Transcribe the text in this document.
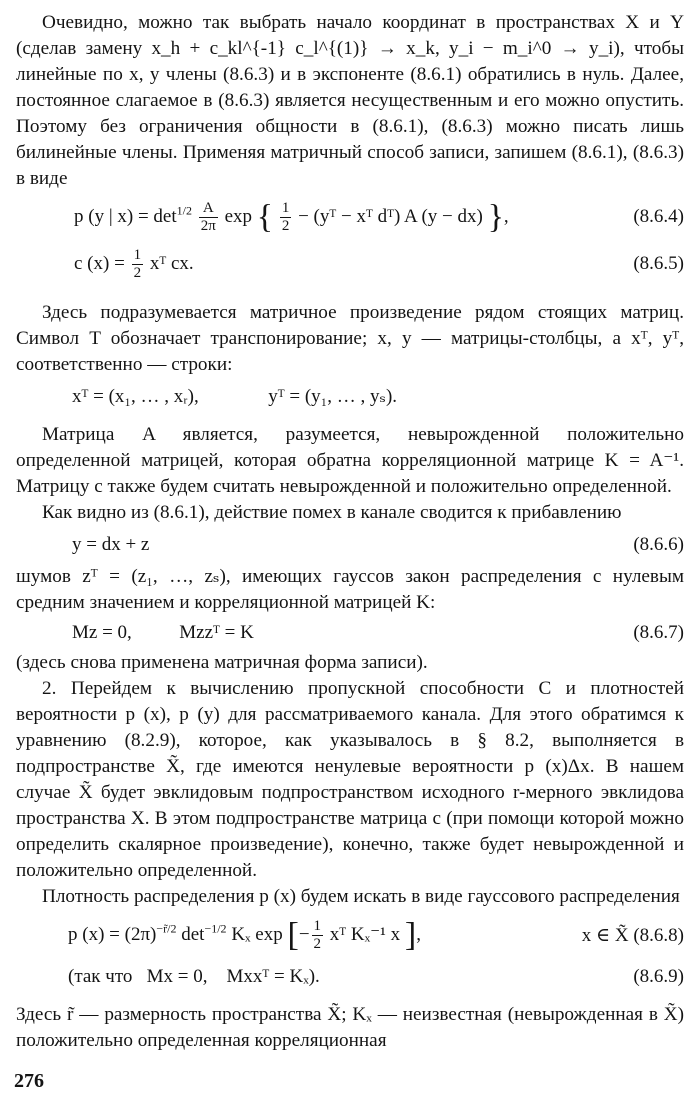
Очевидно, можно так выбрать начало координат в пространствах X и Y (сделав замену x_h + c_kl^{-1} c_l^{(1)} → x_k, y_i − m_i^0 → y_i), чтобы линейные по x, y члены (8.6.3) и в экспоненте (8.6.1) обратились в нуль. Далее, постоянное слагаемое в (8.6.3) является несущественным и его можно опустить. Поэтому без ограничения общности в (8.6.1), (8.6.3) можно писать лишь билинейные члены. Применяя матричный способ записи, запишем (8.6.1), (8.6.3) в виде

p (y | $x) = \det^{1/2} \frac{A}{2\pi}$ exp { $\frac{1}{2}$ − (yᵀ − xᵀ dᵀ) A (y − dx) },	(8.6.4)
c $(x) = \frac{1}{2}$ xᵀ cx.	(8.6.5)

Здесь подразумевается матричное произведение рядом стоящих матриц. Символ T обозначает транспонирование; x, y — матрицы-столбцы, а xᵀ, yᵀ, соответственно — строки:

xᵀ = (x₁, … , xᵣ),	yᵀ = (y₁, … , yₛ).

Матрица A является, разумеется, невырожденной положительно определенной матрицей, которая обратна корреляционной матрице K = A⁻¹. Матрицу c также будем считать невырожденной и положительно определенной.

Как видно из (8.6.1), действие помех в канале сводится к прибавлению

y = dx + z	(8.6.6)

шумов zᵀ = (z₁, …, zₛ), имеющих гауссов закон распределения с нулевым средним значением и корреляционной матрицей K:

Mz = 0,          Mzzᵀ = K	(8.6.7)

(здесь снова применена матричная форма записи).

2. Перейдем к вычислению пропускной способности C и плотностей вероятности p (x), p (y) для рассматриваемого канала. Для этого обратимся к уравнению (8.2.9), которое, как указывалось в § 8.2, выполняется в подпространстве X̃, где имеются ненулевые вероятности p (x)Δx. В нашем случае X̃ будет эвклидовым подпространством исходного r-мерного эвклидова пространства X. В этом подпространстве матрица c (при помощи которой можно определить скалярное произведение), конечно, также будет невырожденной и положительно определенной.

Плотность распределения p (x) будем искать в виде гауссового распределения

p $(x) = (2\pi)^{-r̃/2}$ $\det^{-1/2} K_x$ exp [− $\frac{1}{2}$ xᵀ Kₓ⁻¹ x ],	x ∈ X̃ (8.6.8)
(так что   Mx = 0,    Mxxᵀ = Kₓ).	(8.6.9)

Здесь r̃ — размерность пространства X̃; Kₓ — неизвестная (невырожденная в X̃) положительно определенная корреляционная

276
